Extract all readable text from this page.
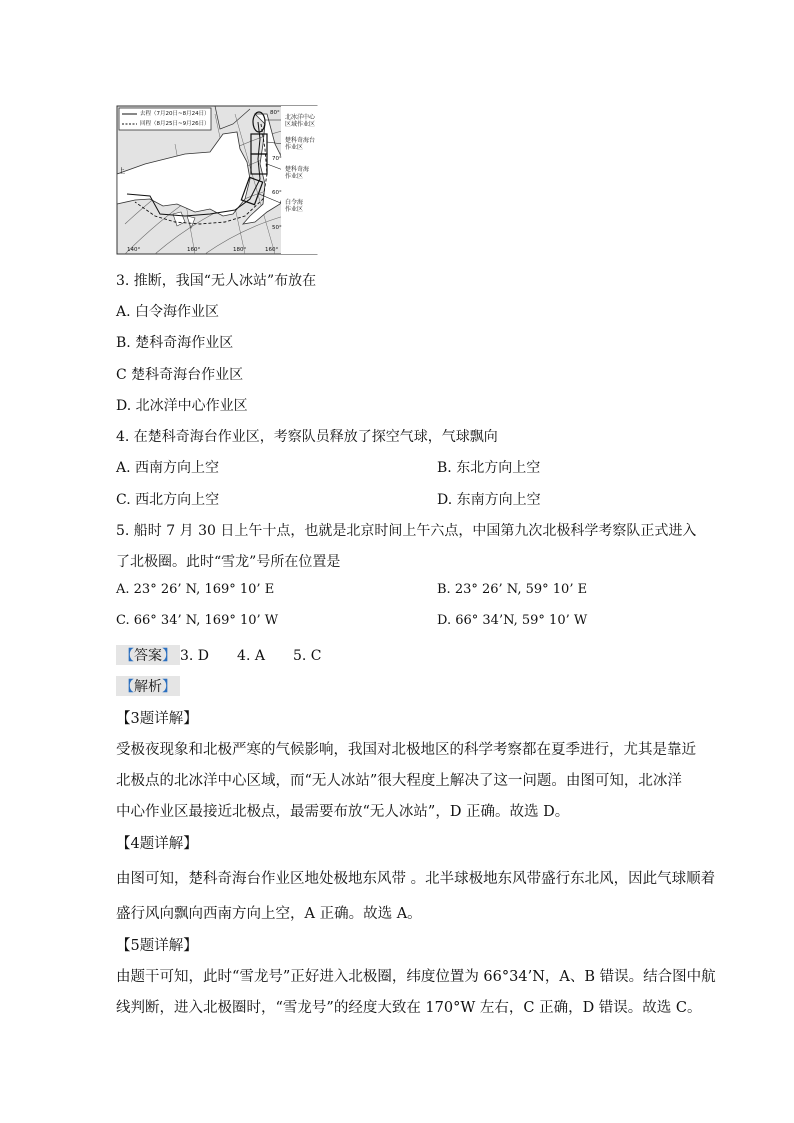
去程（7月20日~8月24日）
回程（8月25日~9月26日）
北冰洋中心
区域作业区
楚科奇海台
作业区
楚科奇海
作业区
白令海
作业区
80°
70°
60°
50°
140°	160°	180°	160°
上
3. 推断，我国“无人冰站”布放在
A. 白令海作业区
B. 楚科奇海作业区
C 楚科奇海台作业区
D. 北冰洋中心作业区
4. 在楚科奇海台作业区，考察队员释放了探空气球，气球飘向
A. 西南方向上空	B. 东北方向上空
C. 西北方向上空	D. 东南方向上空
5. 船时 7 月 30 日上午十点，也就是北京时间上午六点，中国第九次北极科学考察队正式进入
了北极圈。此时“雪龙”号所在位置是
A. 23° 26’ N, 169° 10’ E	B. 23° 26’ N, 59° 10’ E
C. 66° 34’ N, 169° 10’ W	D. 66° 34’N, 59° 10’ W
【答案】 3. D　　4. A　　5. C
【解析】
【3题详解】
受极夜现象和北极严寒的气候影响，我国对北极地区的科学考察都在夏季进行，尤其是靠近
北极点的北冰洋中心区域，而“无人冰站”很大程度上解决了这一问题。由图可知，北冰洋
中心作业区最接近北极点，最需要布放“无人冰站”，D 正确。故选 D。
【4题详解】
由图可知，楚科奇海台作业区地处极地东风带 。北半球极地东风带盛行东北风，因此气球顺着
盛行风向飘向西南方向上空，A 正确。故选 A。
【5题详解】
由题干可知，此时“雪龙号”正好进入北极圈，纬度位置为 66°34’N，A、B 错误。结合图中航
线判断，进入北极圈时，“雪龙号”的经度大致在 170°W 左右，C 正确，D 错误。故选 C。
